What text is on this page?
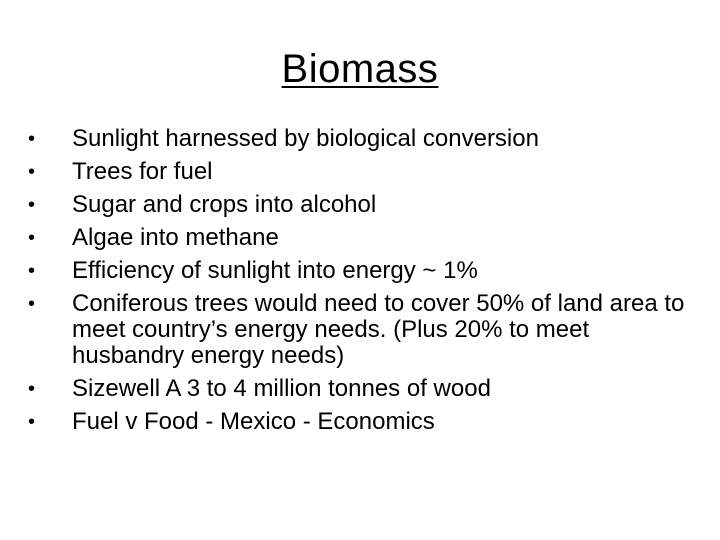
Biomass
•	Sunlight harnessed by biological conversion
•	Trees for fuel
•	Sugar and crops into alcohol
•	Algae into methane
•	Efficiency of sunlight into energy ~ 1%
•	Coniferous trees would need to cover 50% of land area to meet country’s energy needs. (Plus 20% to meet husbandry energy needs)
•	Sizewell A 3 to 4 million tonnes of wood
•	Fuel v Food - Mexico - Economics
